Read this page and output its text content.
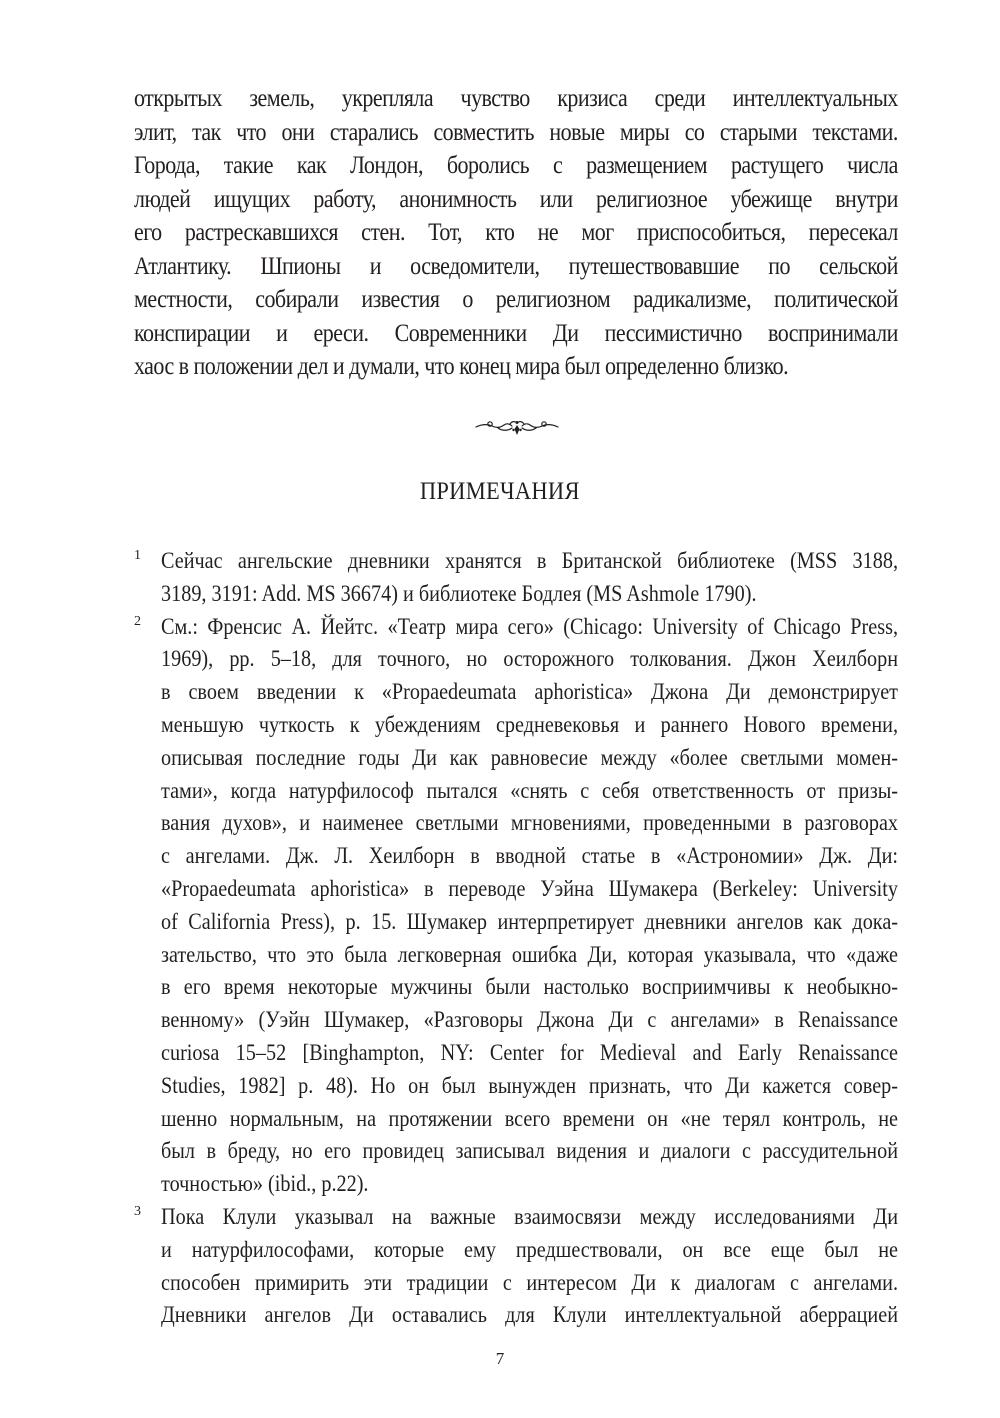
открытых земель, укрепляла чувство кризиса среди интеллектуальных
элит, так что они старались совместить новые миры со старыми текстами.
Города, такие как Лондон, боролись с размещением растущего числа
людей ищущих работу, анонимность или религиозное убежище внутри
его растрескавшихся стен. Тот, кто не мог приспособиться, пересекал
Атлантику. Шпионы и осведомители, путешествовавшие по сельской
местности, собирали известия о религиозном радикализме, политической
конспирации и ереси. Современники Ди пессимистично воспринимали
хаос в положении дел и думали, что конец мира был определенно близко.
ПРИМЕЧАНИЯ
1 Сейчас ангельские дневники хранятся в Британской библиотеке (MSS 3188,
3189, 3191: Add. MS 36674) и библиотеке Бодлея (MS Ashmole 1790).
2 См.: Френсис А. Йейтс. «Театр мира сего» (Chicago: University of Chicago Press,
1969), pp. 5–18, для точного, но осторожного толкования. Джон Хеилборн
в своем введении к «Propaedeumata aphoristica» Джона Ди демонстрирует
меньшую чуткость к убеждениям средневековья и раннего Нового времени,
описывая последние годы Ди как равновесие между «более светлыми момен-
тами», когда натурфилософ пытался «снять с себя ответственность от призы-
вания духов», и наименее светлыми мгновениями, проведенными в разговорах
с ангелами. Дж. Л. Хеилборн в вводной статье в «Астрономии» Дж. Ди:
«Propaedeumata aphoristica» в переводе Уэйна Шумакера (Berkeley: University
of California Press), p. 15. Шумакер интерпретирует дневники ангелов как дока-
зательство, что это была легковерная ошибка Ди, которая указывала, что «даже
в его время некоторые мужчины были настолько восприимчивы к необыкно-
венному» (Уэйн Шумакер, «Разговоры Джона Ди с ангелами» в Renaissance
curiosa 15–52 [Binghampton, NY: Center for Medieval and Early Renaissance
Studies, 1982] p. 48). Но он был вынужден признать, что Ди кажется совер-
шенно нормальным, на протяжении всего времени он «не терял контроль, не
был в бреду, но его провидец записывал видения и диалоги с рассудительной
точностью» (ibid., p.22).
3 Пока Клули указывал на важные взаимосвязи между исследованиями Ди
и натурфилософами, которые ему предшествовали, он все еще был не
способен примирить эти традиции с интересом Ди к диалогам с ангелами.
Дневники ангелов Ди оставались для Клули интеллектуальной аберрацией
7
